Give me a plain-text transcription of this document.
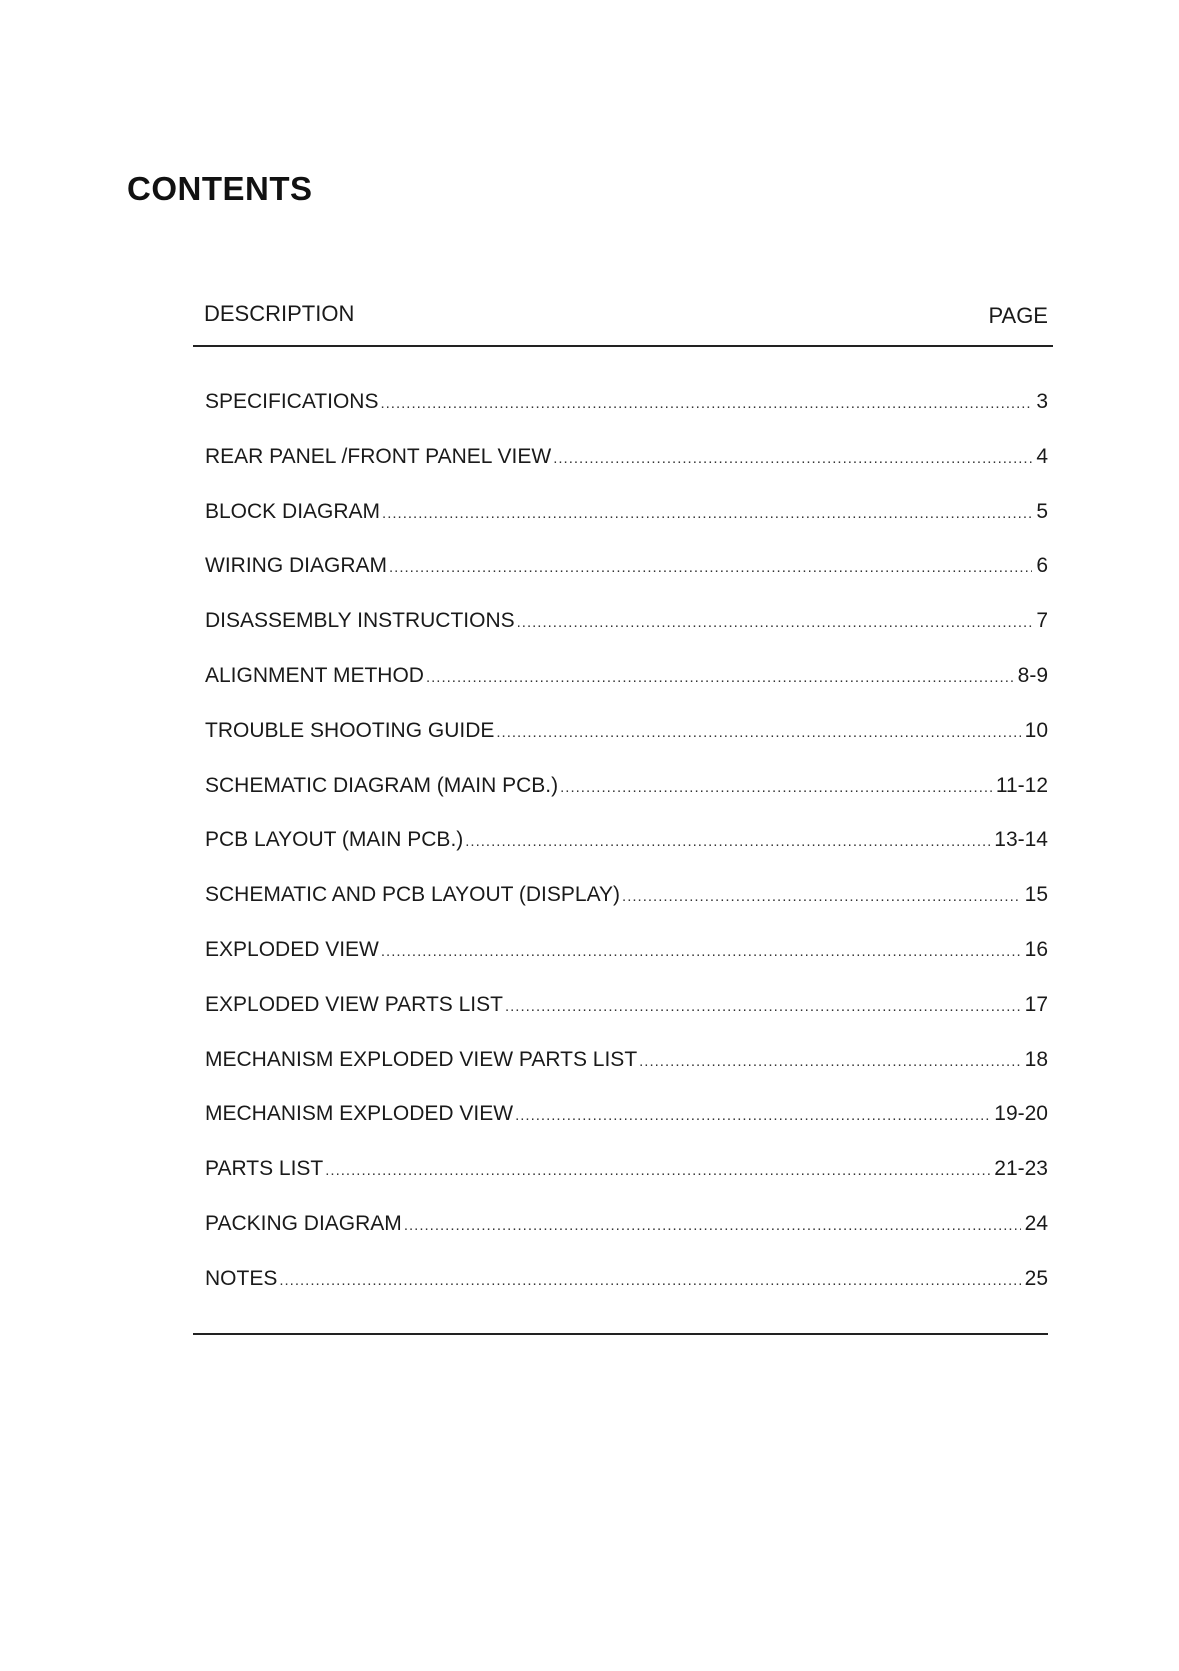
CONTENTS
DESCRIPTION	PAGE
SPECIFICATIONS .....	3
REAR PANEL /FRONT PANEL VIEW .....	4
BLOCK DIAGRAM .....	5
WIRING DIAGRAM .....	6
DISASSEMBLY INSTRUCTIONS .....	7
ALIGNMENT METHOD .....	8-9
TROUBLE SHOOTING GUIDE .....	10
SCHEMATIC DIAGRAM (MAIN PCB.) .....	11-12
PCB LAYOUT (MAIN PCB.) .....	13-14
SCHEMATIC AND PCB LAYOUT (DISPLAY) .....	15
EXPLODED VIEW .....	16
EXPLODED VIEW PARTS LIST .....	17
MECHANISM EXPLODED VIEW PARTS LIST .....	18
MECHANISM EXPLODED VIEW .....	19-20
PARTS LIST .....	21-23
PACKING DIAGRAM .....	24
NOTES .....	25
